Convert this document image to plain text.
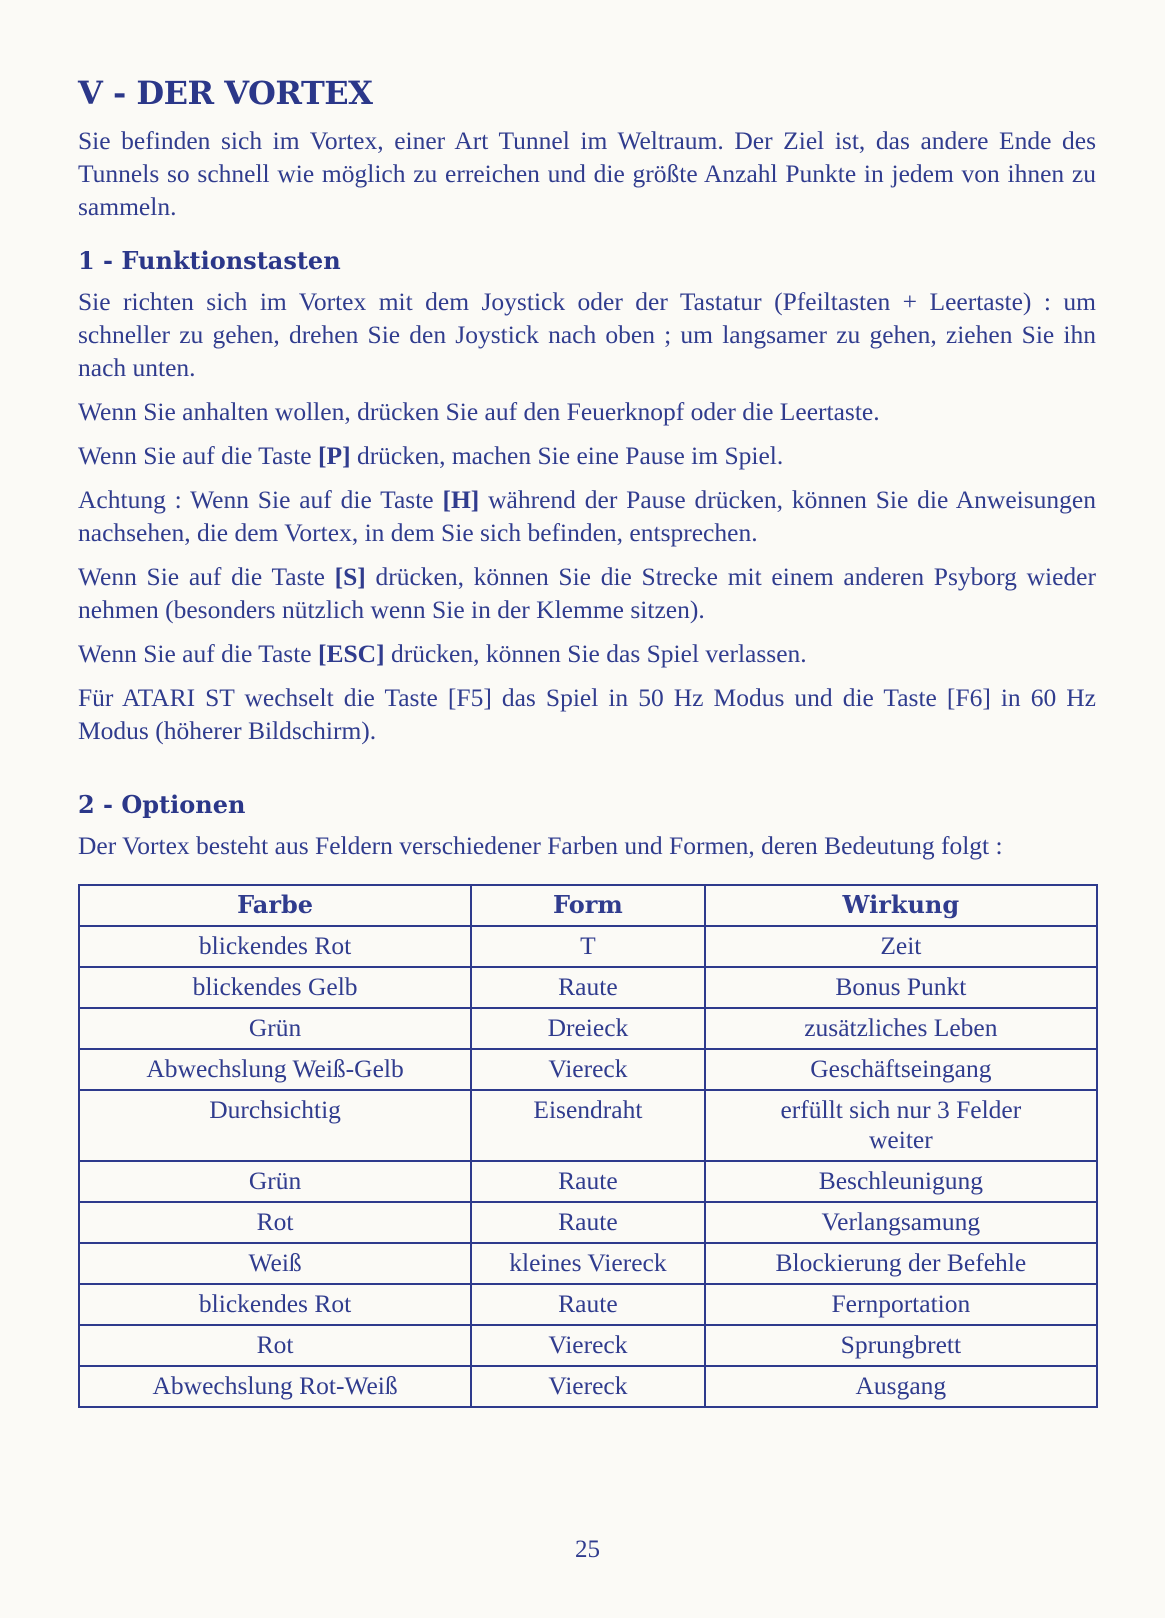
V - DER VORTEX

Sie befinden sich im Vortex, einer Art Tunnel im Weltraum. Der Ziel ist, das andere Ende des Tunnels so schnell wie möglich zu erreichen und die größte Anzahl Punkte in jedem von ihnen zu sammeln.

1 - Funktionstasten

Sie richten sich im Vortex mit dem Joystick oder der Tastatur (Pfeiltasten + Leertaste) : um schneller zu gehen, drehen Sie den Joystick nach oben ; um langsamer zu gehen, ziehen Sie ihn nach unten.

Wenn Sie anhalten wollen, drücken Sie auf den Feuerknopf oder die Leertaste.

Wenn Sie auf die Taste [P] drücken, machen Sie eine Pause im Spiel.

Achtung : Wenn Sie auf die Taste [H] während der Pause drücken, können Sie die Anweisungen nachsehen, die dem Vortex, in dem Sie sich befinden, entsprechen.

Wenn Sie auf die Taste [S] drücken, können Sie die Strecke mit einem anderen Psyborg wieder nehmen (besonders nützlich wenn Sie in der Klemme sitzen).

Wenn Sie auf die Taste [ESC] drücken, können Sie das Spiel verlassen.

Für ATARI ST wechselt die Taste [F5] das Spiel in 50 Hz Modus und die Taste [F6] in 60 Hz Modus (höherer Bildschirm).

2 - Optionen

Der Vortex besteht aus Feldern verschiedener Farben und Formen, deren Bedeutung folgt :

Farbe	Form	Wirkung
blickendes Rot	T	Zeit
blickendes Gelb	Raute	Bonus Punkt
Grün	Dreieck	zusätzliches Leben
Abwechslung Weiß-Gelb	Viereck	Geschäftseingang
Durchsichtig	Eisendraht	erfüllt sich nur 3 Felder weiter
Grün	Raute	Beschleunigung
Rot	Raute	Verlangsamung
Weiß	kleines Viereck	Blockierung der Befehle
blickendes Rot	Raute	Fernportation
Rot	Viereck	Sprungbrett
Abwechslung Rot-Weiß	Viereck	Ausgang
25
